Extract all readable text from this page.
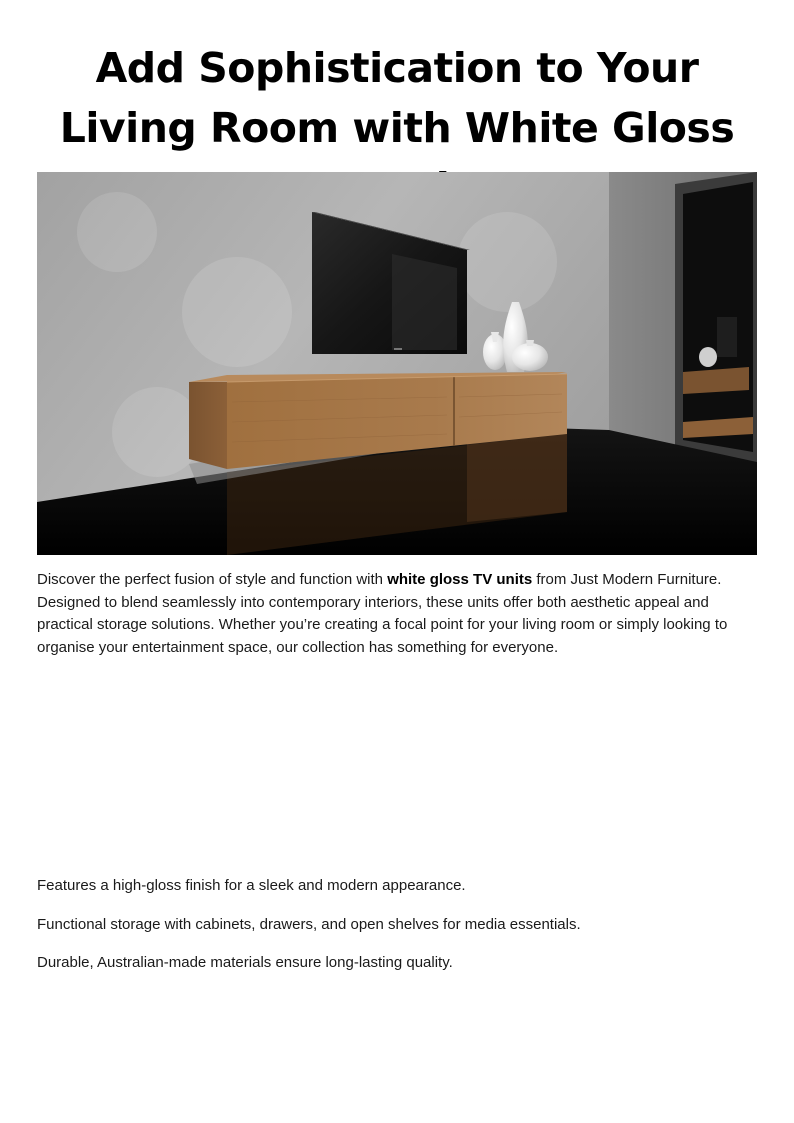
Add Sophistication to Your Living Room with White Gloss

Discover the perfect fusion of style and function with white gloss TV units from Just Modern Furniture. Designed to blend seamlessly into contemporary interiors, these units offer both aesthetic appeal and practical storage solutions. Whether you’re creating a focal point for your living room or simply looking to organise your entertainment space, our collection has something for everyone.

Features a high-gloss finish for a sleek and modern appearance.
Functional storage with cabinets, drawers, and open shelves for media essentials.
Durable, Australian-made materials ensure long-lasting quality.
